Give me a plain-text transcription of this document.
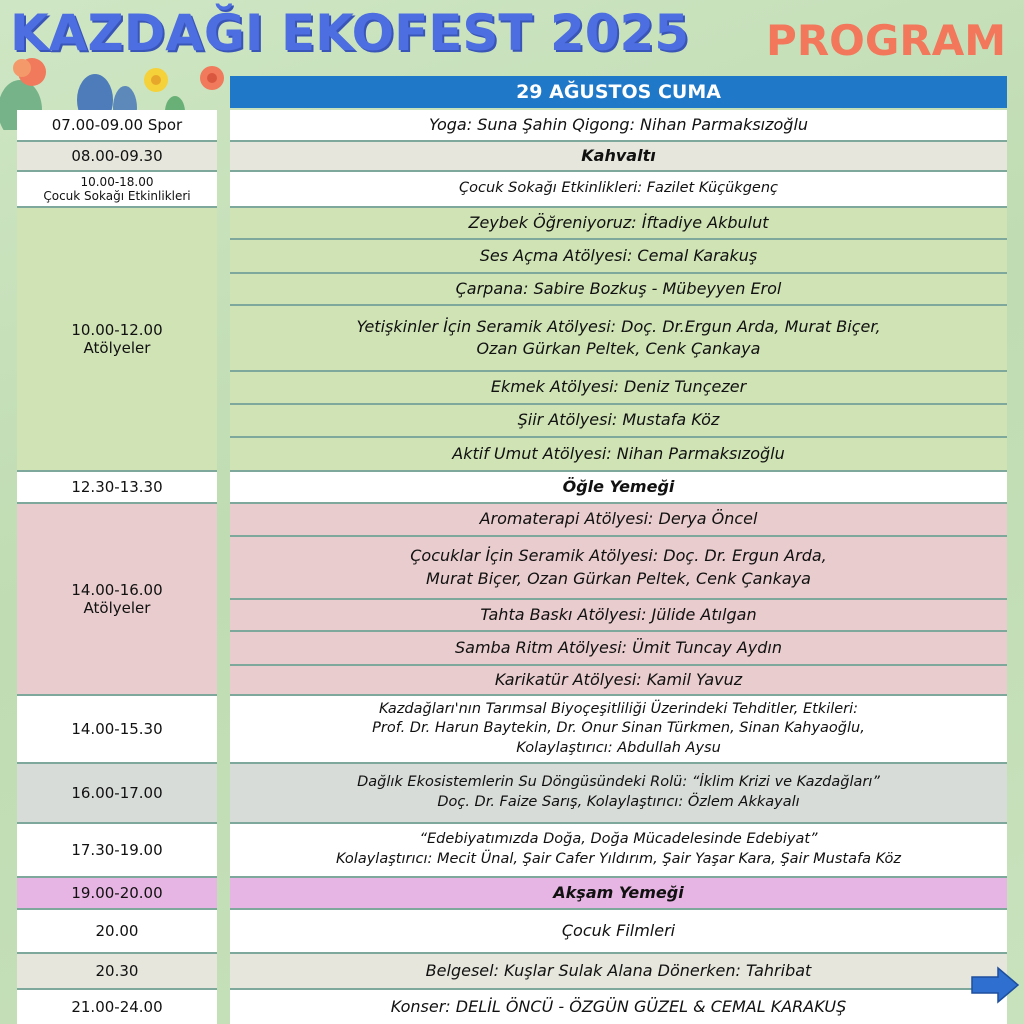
KAZDAĞI EKOFEST 2025 PROGRAM
29 AĞUSTOS CUMA
07.00-09.00 Spor
08.00-09.30
10.00-18.00
Çocuk Sokağı Etkinlikleri
10.00-12.00
Atölyeler
12.30-13.30
14.00-16.00
Atölyeler
14.00-15.30
16.00-17.00
17.30-19.00
19.00-20.00
20.00
20.30
21.00-24.00
Yoga: Suna Şahin Qigong: Nihan Parmaksızoğlu
Kahvaltı
Çocuk Sokağı Etkinlikleri: Fazilet Küçükgenç
Zeybek Öğreniyoruz: İftadiye Akbulut
Ses Açma Atölyesi: Cemal Karakuş
Çarpana: Sabire Bozkuş - Mübeyyen Erol
Yetişkinler İçin Seramik Atölyesi: Doç. Dr.Ergun Arda, Murat Biçer,
Ozan Gürkan Peltek, Cenk Çankaya
Ekmek Atölyesi: Deniz Tunçezer
Şiir Atölyesi: Mustafa Köz
Aktif Umut Atölyesi: Nihan Parmaksızoğlu
Öğle Yemeği
Aromaterapi Atölyesi: Derya Öncel
Çocuklar İçin Seramik Atölyesi: Doç. Dr. Ergun Arda,
Murat Biçer, Ozan Gürkan Peltek, Cenk Çankaya
Tahta Baskı Atölyesi: Jülide Atılgan
Samba Ritm Atölyesi: Ümit Tuncay Aydın
Karikatür Atölyesi: Kamil Yavuz
Kazdağları'nın Tarımsal Biyoçeşitliliği Üzerindeki Tehditler, Etkileri:
Prof. Dr. Harun Baytekin, Dr. Onur Sinan Türkmen, Sinan Kahyaoğlu,
Kolaylaştırıcı: Abdullah Aysu
Dağlık Ekosistemlerin Su Döngüsündeki Rolü: “İklim Krizi ve Kazdağları”
Doç. Dr. Faize Sarış, Kolaylaştırıcı: Özlem Akkayalı
“Edebiyatımızda Doğa, Doğa Mücadelesinde Edebiyat”
Kolaylaştırıcı: Mecit Ünal, Şair Cafer Yıldırım, Şair Yaşar Kara, Şair Mustafa Köz
Akşam Yemeği
Çocuk Filmleri
Belgesel: Kuşlar Sulak Alana Dönerken: Tahribat
Konser: DELİL ÖNCÜ - ÖZGÜN GÜZEL & CEMAL KARAKUŞ
